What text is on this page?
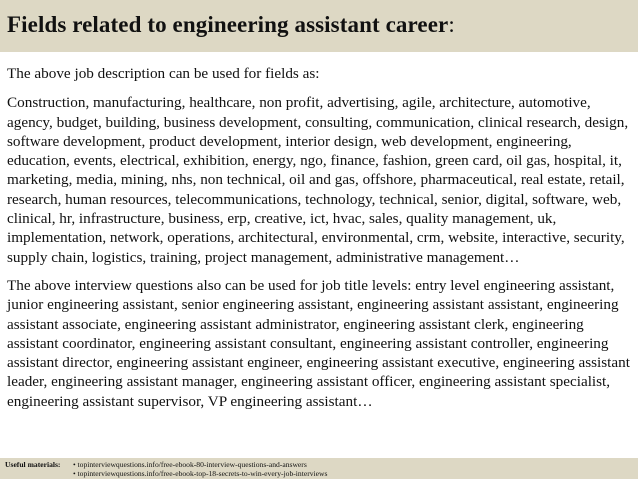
Fields related to engineering assistant career:

The above job description can be used for fields as:

Construction, manufacturing, healthcare, non profit, advertising, agile, architecture, automotive, agency, budget, building, business development, consulting, communication, clinical research, design, software development, product development, interior design, web development, engineering, education, events, electrical, exhibition, energy, ngo, finance, fashion, green card, oil gas, hospital, it, marketing, media, mining, nhs, non technical, oil and gas, offshore, pharmaceutical, real estate, retail, research, human resources, telecommunications, technology, technical, senior, digital, software, web, clinical, hr, infrastructure, business, erp, creative, ict, hvac, sales, quality management, uk, implementation, network, operations, architectural, environmental, crm, website, interactive, security, supply chain, logistics, training, project management, administrative management…

The above interview questions also can be used for job title levels: entry level engineering assistant, junior engineering assistant, senior engineering assistant, engineering assistant assistant, engineering assistant associate, engineering assistant administrator, engineering assistant clerk, engineering assistant coordinator, engineering assistant consultant, engineering assistant controller, engineering assistant director, engineering assistant engineer, engineering assistant executive, engineering assistant leader, engineering assistant manager, engineering assistant officer, engineering assistant specialist, engineering assistant supervisor, VP engineering assistant…

Useful materials: • topinterviewquestions.info/free-ebook-80-interview-questions-and-answers
• topinterviewquestions.info/free-ebook-top-18-secrets-to-win-every-job-interviews
